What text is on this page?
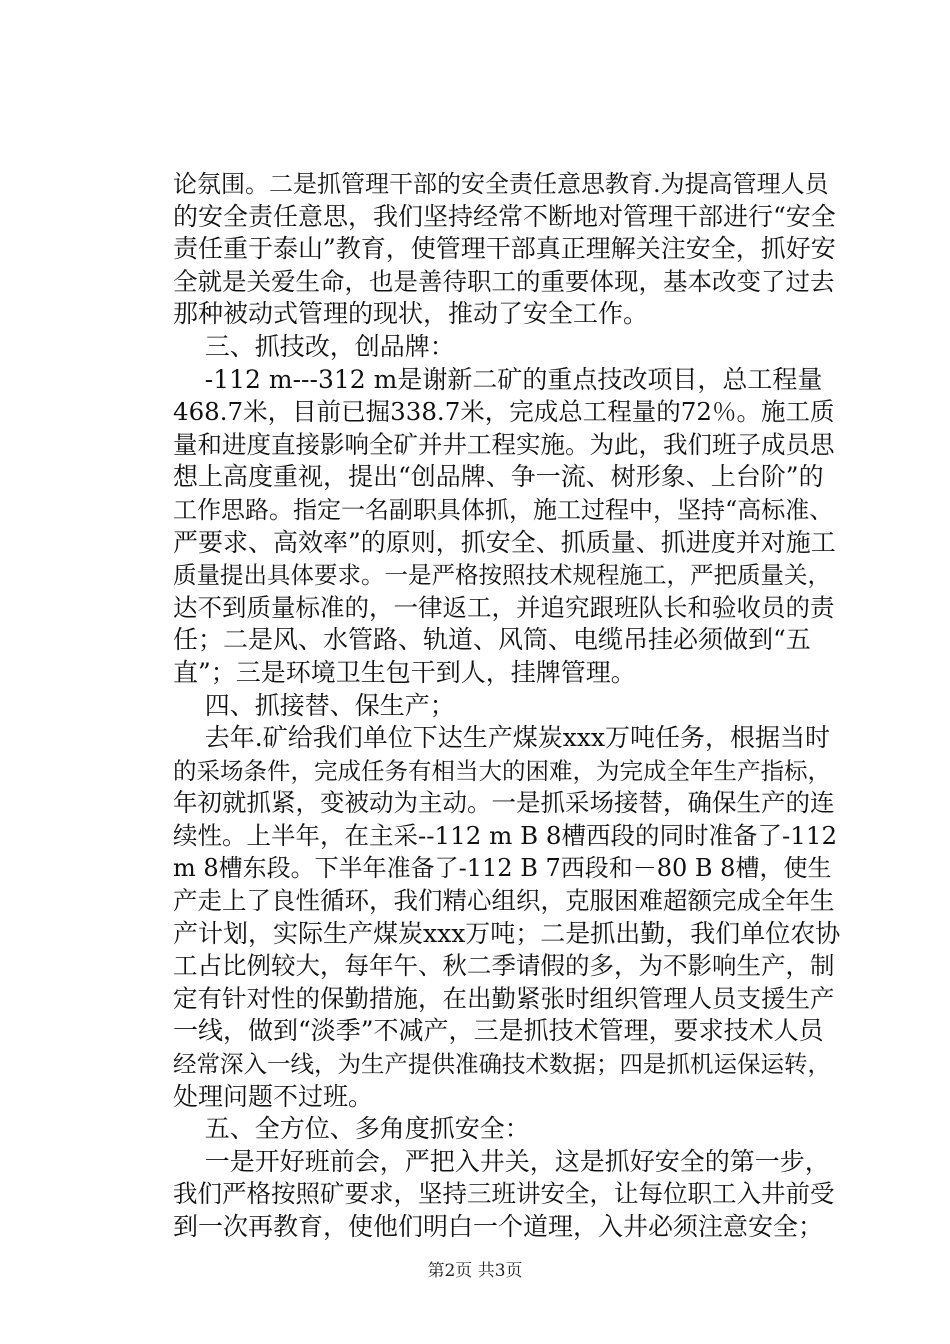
论氛围。二是抓管理干部的安全责任意思教育.为提高管理人员
的安全责任意思，我们坚持经常不断地对管理干部进行“安全
责任重于泰山”教育，使管理干部真正理解关注安全，抓好安
全就是关爱生命，也是善待职工的重要体现，基本改变了过去
那种被动式管理的现状，推动了安全工作。
三、抓技改，创品牌：
-112 m---312 m是谢新二矿的重点技改项目，总工程量
468.7米，目前已掘338.7米，完成总工程量的72％。施工质
量和进度直接影响全矿并井工程实施。为此，我们班子成员思
想上高度重视，提出“创品牌、争一流、树形象、上台阶”的
工作思路。指定一名副职具体抓，施工过程中，坚持“高标准、
严要求、高效率”的原则，抓安全、抓质量、抓进度并对施工
质量提出具体要求。一是严格按照技术规程施工，严把质量关，
达不到质量标准的，一律返工，并追究跟班队长和验收员的责
任；二是风、水管路、轨道、风筒、电缆吊挂必须做到“五
直”；三是环境卫生包干到人，挂牌管理。
四、抓接替、保生产；
去年.矿给我们单位下达生产煤炭xxx万吨任务，根据当时
的采场条件，完成任务有相当大的困难，为完成全年生产指标，
年初就抓紧，变被动为主动。一是抓采场接替，确保生产的连
续性。上半年，在主采--112 m B 8槽西段的同时准备了-112
m 8槽东段。下半年准备了-112 B 7西段和－80 B 8槽，使生
产走上了良性循环，我们精心组织，克服困难超额完成全年生
产计划，实际生产煤炭xxx万吨；二是抓出勤，我们单位农协
工占比例较大，每年午、秋二季请假的多，为不影响生产，制
定有针对性的保勤措施，在出勤紧张时组织管理人员支援生产
一线，做到“淡季”不减产，三是抓技术管理，要求技术人员
经常深入一线，为生产提供准确技术数据；四是抓机运保运转，
处理问题不过班。
五、全方位、多角度抓安全：
一是开好班前会，严把入井关，这是抓好安全的第一步，
我们严格按照矿要求，坚持三班讲安全，让每位职工入井前受
到一次再教育，使他们明白一个道理，入井必须注意安全；
第2页 共3页
